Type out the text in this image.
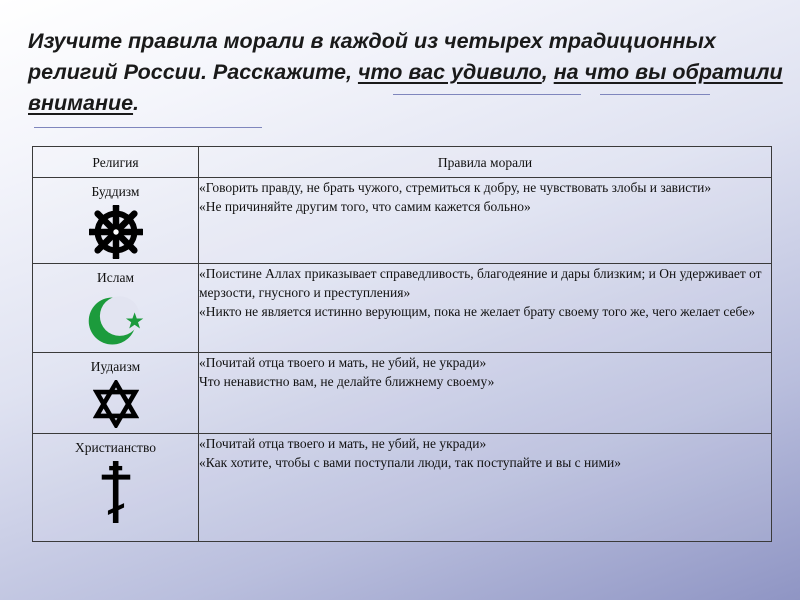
Изучите правила морали в каждой из четырех традиционных религий России. Расскажите, что вас удивило, на что вы обратили внимание.
Религия	Правила морали

Буддизм	«Говорить правду, не брать чужого, стремиться к добру, не чувствовать злобы и зависти»

«Не причиняйте другим того, что самим кажется больно»

Ислам	«Поистине Аллах приказывает справедливость, благодеяние и дары близким; и Он удерживает от мерзости, гнусного и преступления»

«Никто не является истинно верующим, пока не желает брату своему того же, чего желает себе»

Иудаизм	«Почитай отца твоего и мать, не убий, не укради»

Что ненавистно вам, не делайте ближнему своему»

Христианство	«Почитай отца твоего и мать, не убий, не укради»

«Как хотите, чтобы с вами поступали люди, так поступайте и вы с ними»
